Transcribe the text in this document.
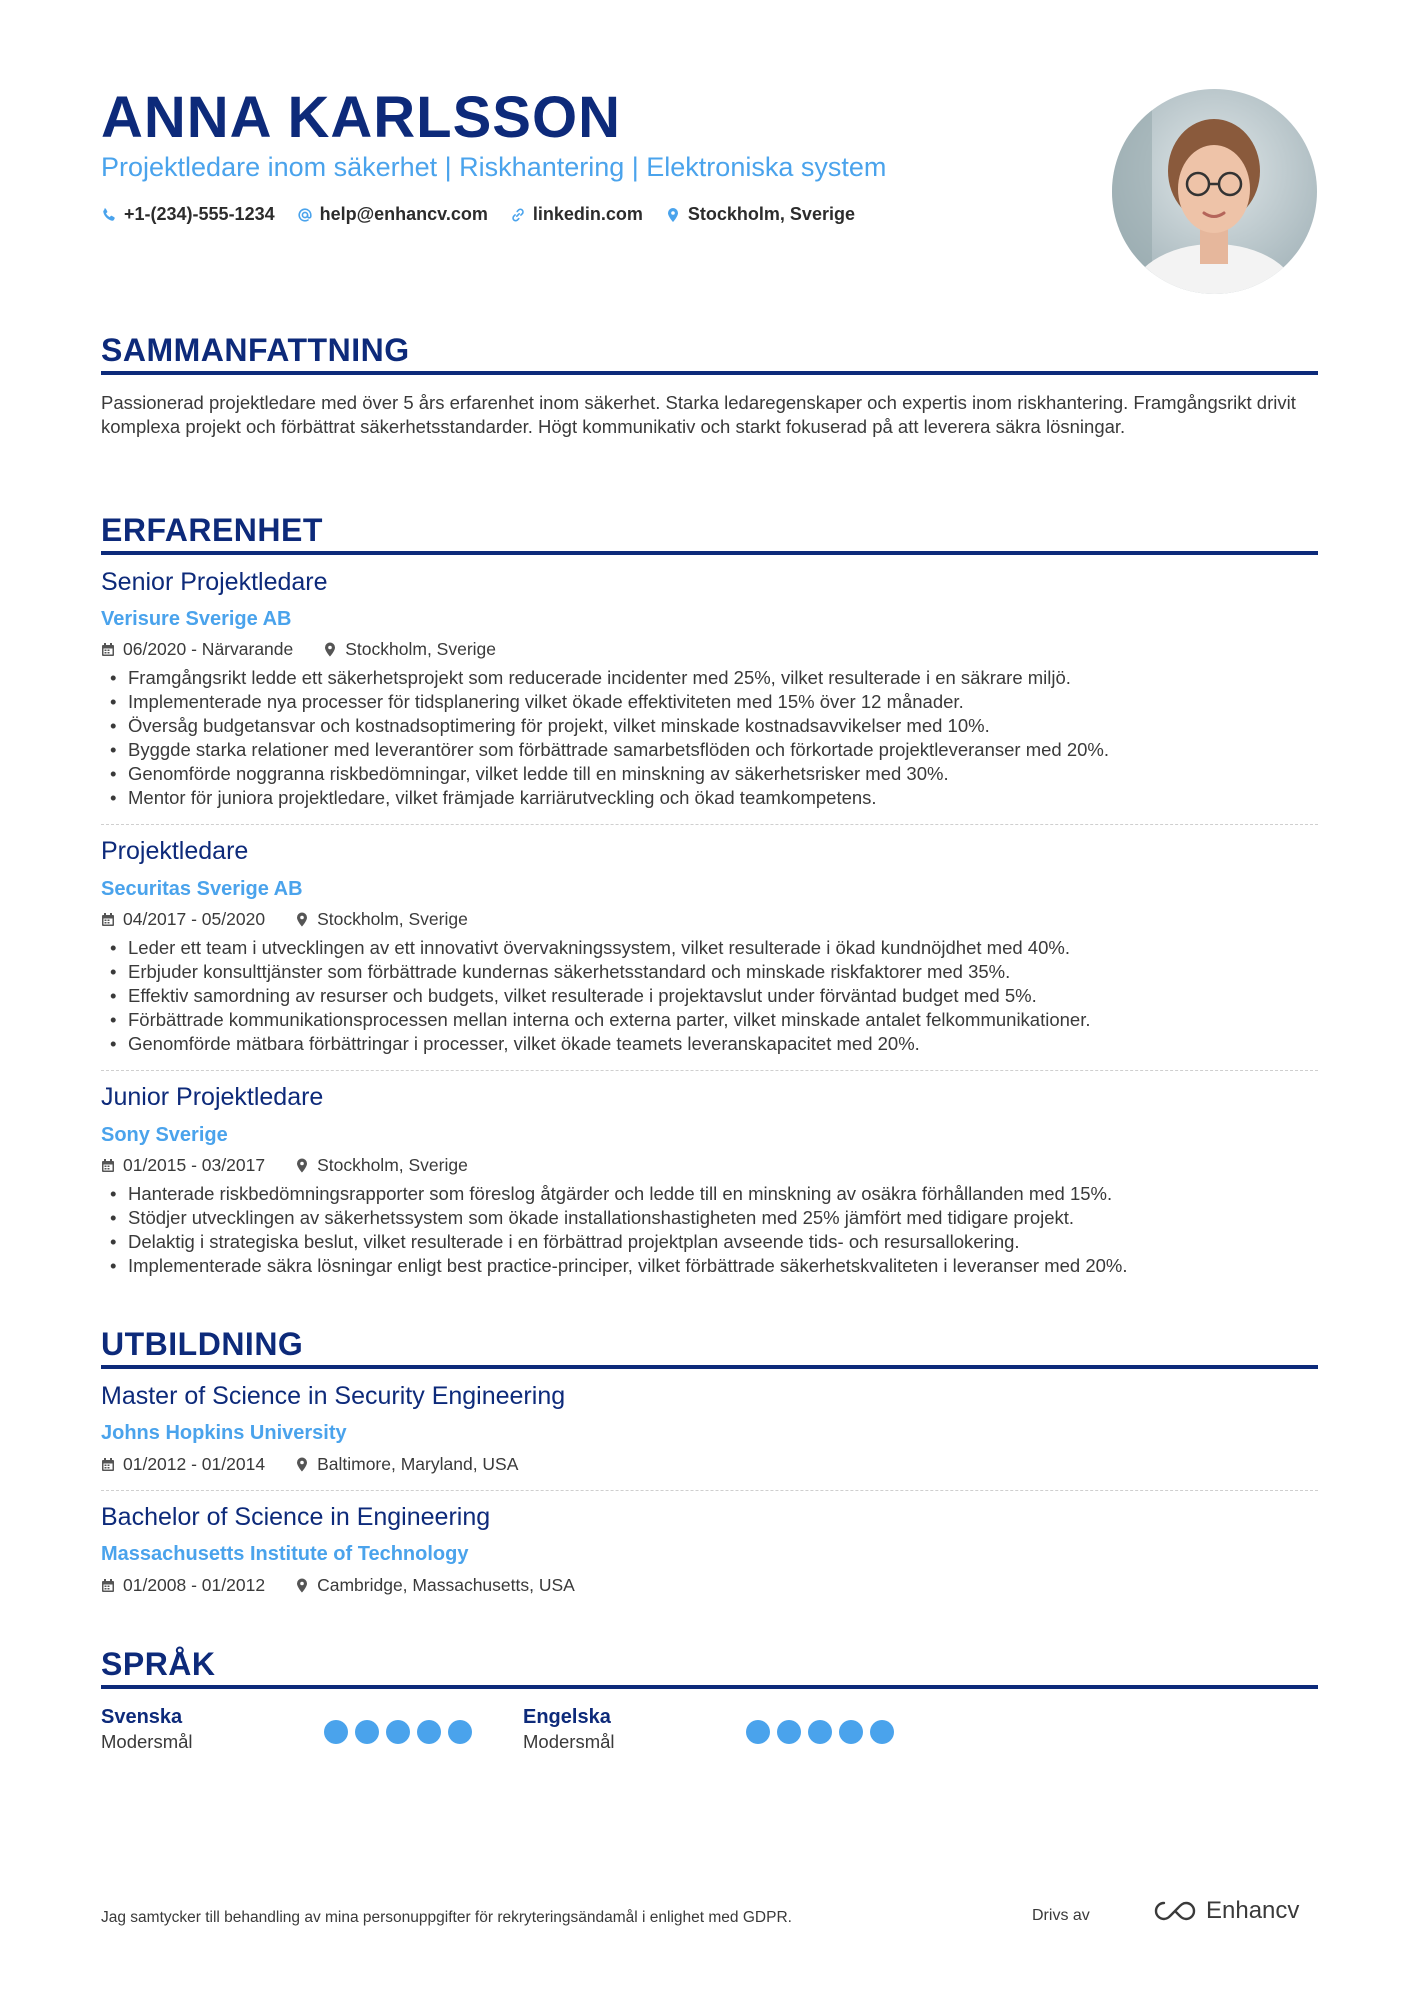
ANNA KARLSSON
Projektledare inom säkerhet | Riskhantering | Elektroniska system
+1-(234)-555-1234	help@enhancv.com	linkedin.com	Stockholm, Sverige
SAMMANFATTNING

Passionerad projektledare med över 5 års erfarenhet inom säkerhet. Starka ledaregenskaper och expertis inom riskhantering. Framgångsrikt drivit komplexa projekt och förbättrat säkerhetsstandarder. Högt kommunikativ och starkt fokuserad på att leverera säkra lösningar.

ERFARENHET
Senior Projektledare
Verisure Sverige AB
06/2020 - Närvarande	Stockholm, Sverige
• Framgångsrikt ledde ett säkerhetsprojekt som reducerade incidenter med 25%, vilket resulterade i en säkrare miljö.
• Implementerade nya processer för tidsplanering vilket ökade effektiviteten med 15% över 12 månader.
• Översåg budgetansvar och kostnadsoptimering för projekt, vilket minskade kostnadsavvikelser med 10%.
• Byggde starka relationer med leverantörer som förbättrade samarbetsflöden och förkortade projektleveranser med 20%.
• Genomförde noggranna riskbedömningar, vilket ledde till en minskning av säkerhetsrisker med 30%.
• Mentor för juniora projektledare, vilket främjade karriärutveckling och ökad teamkompetens.
Projektledare
Securitas Sverige AB
04/2017 - 05/2020	Stockholm, Sverige
• Leder ett team i utvecklingen av ett innovativt övervakningssystem, vilket resulterade i ökad kundnöjdhet med 40%.
• Erbjuder konsulttjänster som förbättrade kundernas säkerhetsstandard och minskade riskfaktorer med 35%.
• Effektiv samordning av resurser och budgets, vilket resulterade i projektavslut under förväntad budget med 5%.
• Förbättrade kommunikationsprocessen mellan interna och externa parter, vilket minskade antalet felkommunikationer.
• Genomförde mätbara förbättringar i processer, vilket ökade teamets leveranskapacitet med 20%.
Junior Projektledare
Sony Sverige
01/2015 - 03/2017	Stockholm, Sverige
• Hanterade riskbedömningsrapporter som föreslog åtgärder och ledde till en minskning av osäkra förhållanden med 15%.
• Stödjer utvecklingen av säkerhetssystem som ökade installationshastigheten med 25% jämfört med tidigare projekt.
• Delaktig i strategiska beslut, vilket resulterade i en förbättrad projektplan avseende tids- och resursallokering.
• Implementerade säkra lösningar enligt best practice-principer, vilket förbättrade säkerhetskvaliteten i leveranser med 20%.
UTBILDNING
Master of Science in Security Engineering
Johns Hopkins University
01/2012 - 01/2014	Baltimore, Maryland, USA
Bachelor of Science in Engineering
Massachusetts Institute of Technology
01/2008 - 01/2012	Cambridge, Massachusetts, USA
SPRÅK
Svenska
Modersmål
Engelska
Modersmål
Jag samtycker till behandling av mina personuppgifter för rekryteringsändamål i enlighet med GDPR.	Drivs av	Enhancv
